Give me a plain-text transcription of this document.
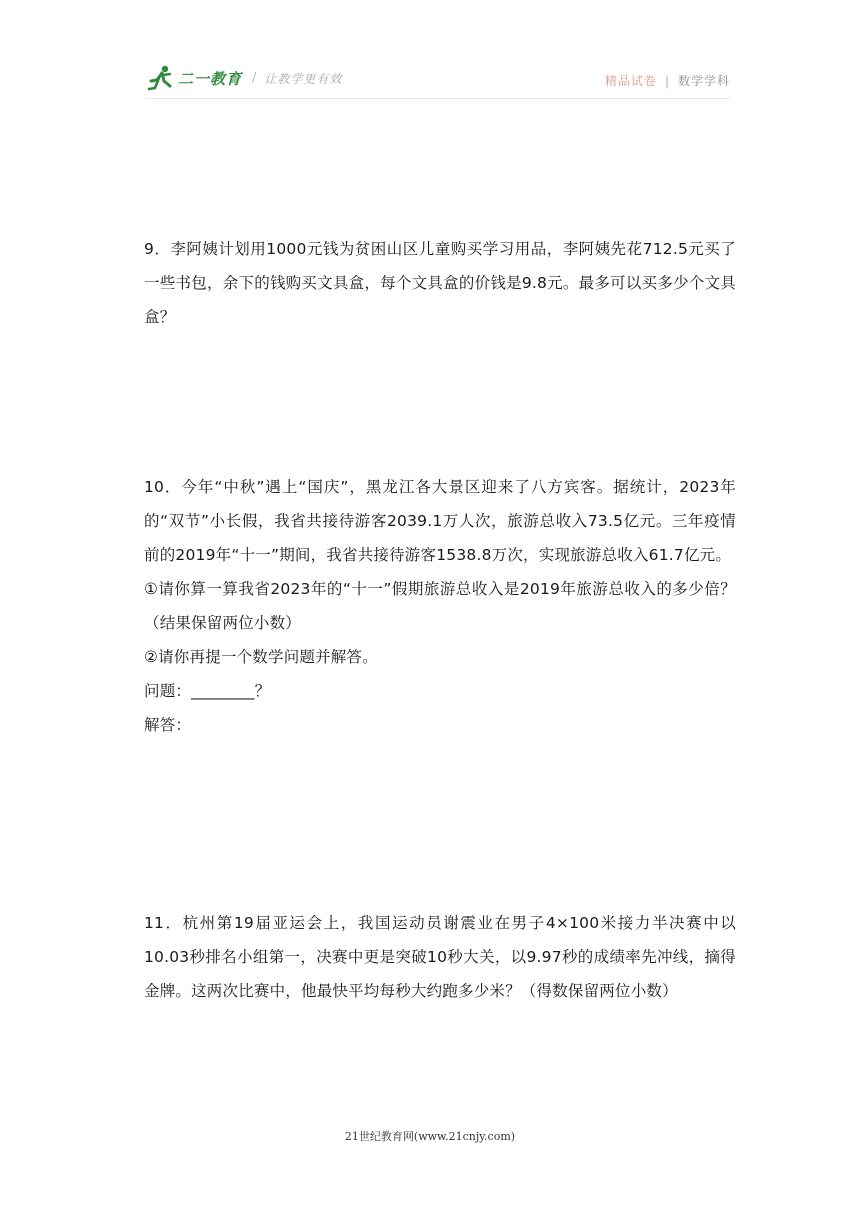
二一教育 / 让教学更有效	精品试卷 | 数学学科

9．李阿姨计划用1000元钱为贫困山区儿童购买学习用品，李阿姨先花712.5元买了一些书包，余下的钱购买文具盒，每个文具盒的价钱是9.8元。最多可以买多少个文具盒？

10．今年“中秋”遇上“国庆”，黑龙江各大景区迎来了八方宾客。据统计，2023年的“双节”小长假，我省共接待游客2039.1万人次，旅游总收入73.5亿元。三年疫情前的2019年“十一”期间，我省共接待游客1538.8万次，实现旅游总收入61.7亿元。

①请你算一算我省2023年的“十一”假期旅游总收入是2019年旅游总收入的多少倍？（结果保留两位小数）

②请你再提一个数学问题并解答。

问题：________？

解答：

11．杭州第19届亚运会上，我国运动员谢震业在男子4×100米接力半决赛中以10.03秒排名小组第一，决赛中更是突破10秒大关，以9.97秒的成绩率先冲线，摘得金牌。这两次比赛中，他最快平均每秒大约跑多少米？（得数保留两位小数）

21世纪教育网(www.21cnjy.com)
